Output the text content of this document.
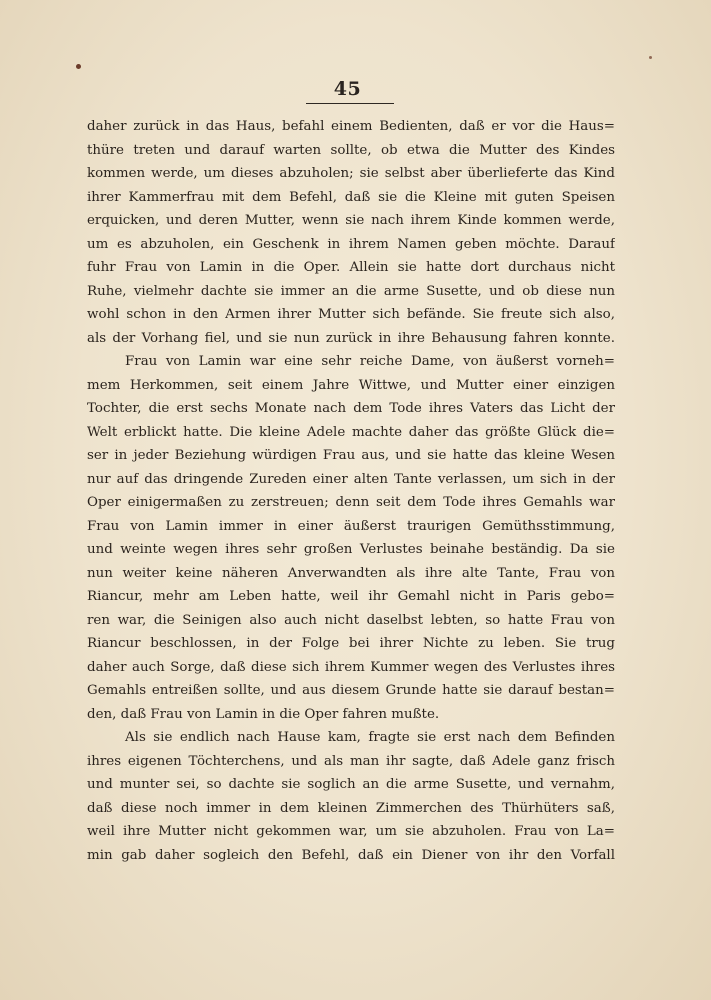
45
daher zurück in das Haus, befahl einem Bedienten, daß er vor die Haus=
thüre treten und darauf warten sollte, ob etwa die Mutter des Kindes
kommen werde, um dieses abzuholen; sie selbst aber überlieferte das Kind
ihrer Kammerfrau mit dem Befehl, daß sie die Kleine mit guten Speisen
erquicken, und deren Mutter, wenn sie nach ihrem Kinde kommen werde,
um es abzuholen, ein Geschenk in ihrem Namen geben möchte. Darauf
fuhr Frau von Lamin in die Oper. Allein sie hatte dort durchaus nicht
Ruhe, vielmehr dachte sie immer an die arme Susette, und ob diese nun
wohl schon in den Armen ihrer Mutter sich befände. Sie freute sich also,
als der Vorhang fiel, und sie nun zurück in ihre Behausung fahren konnte.
Frau von Lamin war eine sehr reiche Dame, von äußerst vorneh=
mem Herkommen, seit einem Jahre Wittwe, und Mutter einer einzigen
Tochter, die erst sechs Monate nach dem Tode ihres Vaters das Licht der
Welt erblickt hatte. Die kleine Adele machte daher das größte Glück die=
ser in jeder Beziehung würdigen Frau aus, und sie hatte das kleine Wesen
nur auf das dringende Zureden einer alten Tante verlassen, um sich in der
Oper einigermaßen zu zerstreuen; denn seit dem Tode ihres Gemahls war
Frau von Lamin immer in einer äußerst traurigen Gemüthsstimmung,
und weinte wegen ihres sehr großen Verlustes beinahe beständig. Da sie
nun weiter keine näheren Anverwandten als ihre alte Tante, Frau von
Riancur, mehr am Leben hatte, weil ihr Gemahl nicht in Paris gebo=
ren war, die Seinigen also auch nicht daselbst lebten, so hatte Frau von
Riancur beschlossen, in der Folge bei ihrer Nichte zu leben. Sie trug
daher auch Sorge, daß diese sich ihrem Kummer wegen des Verlustes ihres
Gemahls entreißen sollte, und aus diesem Grunde hatte sie darauf bestan=
den, daß Frau von Lamin in die Oper fahren mußte.
Als sie endlich nach Hause kam, fragte sie erst nach dem Befinden
ihres eigenen Töchterchens, und als man ihr sagte, daß Adele ganz frisch
und munter sei, so dachte sie soglich an die arme Susette, und vernahm,
daß diese noch immer in dem kleinen Zimmerchen des Thürhüters saß,
weil ihre Mutter nicht gekommen war, um sie abzuholen. Frau von La=
min gab daher sogleich den Befehl, daß ein Diener von ihr den Vorfall
